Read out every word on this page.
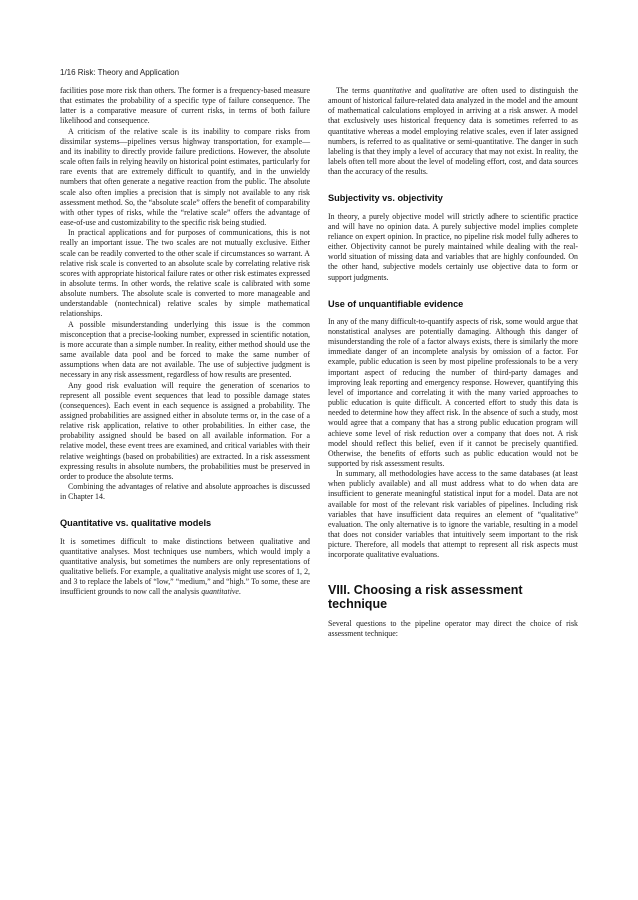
1/16 Risk: Theory and Application

facilities pose more risk than others. The former is a frequency-based measure that estimates the probability of a specific type of failure consequence. The latter is a comparative measure of current risks, in terms of both failure likelihood and consequence.

A criticism of the relative scale is its inability to compare risks from dissimilar systems—pipelines versus highway transportation, for example—and its inability to directly provide failure predictions. However, the absolute scale often fails in relying heavily on historical point estimates, particularly for rare events that are extremely difficult to quantify, and in the unwieldy numbers that often generate a negative reaction from the public. The absolute scale also often implies a precision that is simply not available to any risk assessment method. So, the “absolute scale” offers the benefit of comparability with other types of risks, while the “relative scale” offers the advantage of ease-of-use and customizability to the specific risk being studied.

In practical applications and for purposes of communications, this is not really an important issue. The two scales are not mutually exclusive. Either scale can be readily converted to the other scale if circumstances so warrant. A relative risk scale is converted to an absolute scale by correlating relative risk scores with appropriate historical failure rates or other risk estimates expressed in absolute terms. In other words, the relative scale is calibrated with some absolute numbers. The absolute scale is converted to more manageable and understandable (nontechnical) relative scales by simple mathematical relationships.

A possible misunderstanding underlying this issue is the common misconception that a precise-looking number, expressed in scientific notation, is more accurate than a simple number. In reality, either method should use the same available data pool and be forced to make the same number of assumptions when data are not available. The use of subjective judgment is necessary in any risk assessment, regardless of how results are presented.

Any good risk evaluation will require the generation of scenarios to represent all possible event sequences that lead to possible damage states (consequences). Each event in each sequence is assigned a probability. The assigned probabilities are assigned either in absolute terms or, in the case of a relative risk application, relative to other probabilities. In either case, the probability assigned should be based on all available information. For a relative model, these event trees are examined, and critical variables with their relative weightings (based on probabilities) are extracted. In a risk assessment expressing results in absolute numbers, the probabilities must be preserved in order to produce the absolute terms.

Combining the advantages of relative and absolute approaches is discussed in Chapter 14.

Quantitative vs. qualitative models

It is sometimes difficult to make distinctions between qualitative and quantitative analyses. Most techniques use numbers, which would imply a quantitative analysis, but sometimes the numbers are only representations of qualitative beliefs. For example, a qualitative analysis might use scores of 1, 2, and 3 to replace the labels of “low,” “medium,” and “high.” To some, these are insufficient grounds to now call the analysis quantitative.

The terms quantitative and qualitative are often used to distinguish the amount of historical failure-related data analyzed in the model and the amount of mathematical calculations employed in arriving at a risk answer. A model that exclusively uses historical frequency data is sometimes referred to as quantitative whereas a model employing relative scales, even if later assigned numbers, is referred to as qualitative or semi-quantitative. The danger in such labeling is that they imply a level of accuracy that may not exist. In reality, the labels often tell more about the level of modeling effort, cost, and data sources than the accuracy of the results.

Subjectivity vs. objectivity

In theory, a purely objective model will strictly adhere to scientific practice and will have no opinion data. A purely subjective model implies complete reliance on expert opinion. In practice, no pipeline risk model fully adheres to either. Objectivity cannot be purely maintained while dealing with the real-world situation of missing data and variables that are highly confounded. On the other hand, subjective models certainly use objective data to form or support judgments.

Use of unquantifiable evidence

In any of the many difficult-to-quantify aspects of risk, some would argue that nonstatistical analyses are potentially damaging. Although this danger of misunderstanding the role of a factor always exists, there is similarly the more immediate danger of an incomplete analysis by omission of a factor. For example, public education is seen by most pipeline professionals to be a very important aspect of reducing the number of third-party damages and improving leak reporting and emergency response. However, quantifying this level of importance and correlating it with the many varied approaches to public education is quite difficult. A concerted effort to study this data is needed to determine how they affect risk. In the absence of such a study, most would agree that a company that has a strong public education program will achieve some level of risk reduction over a company that does not. A risk model should reflect this belief, even if it cannot be precisely quantified. Otherwise, the benefits of efforts such as public education would not be supported by risk assessment results.

In summary, all methodologies have access to the same databases (at least when publicly available) and all must address what to do when data are insufficient to generate meaningful statistical input for a model. Data are not available for most of the relevant risk variables of pipelines. Including risk variables that have insufficient data requires an element of “qualitative” evaluation. The only alternative is to ignore the variable, resulting in a model that does not consider variables that intuitively seem important to the risk picture. Therefore, all models that attempt to represent all risk aspects must incorporate qualitative evaluations.

VIII. Choosing a risk assessment technique

Several questions to the pipeline operator may direct the choice of risk assessment technique:
